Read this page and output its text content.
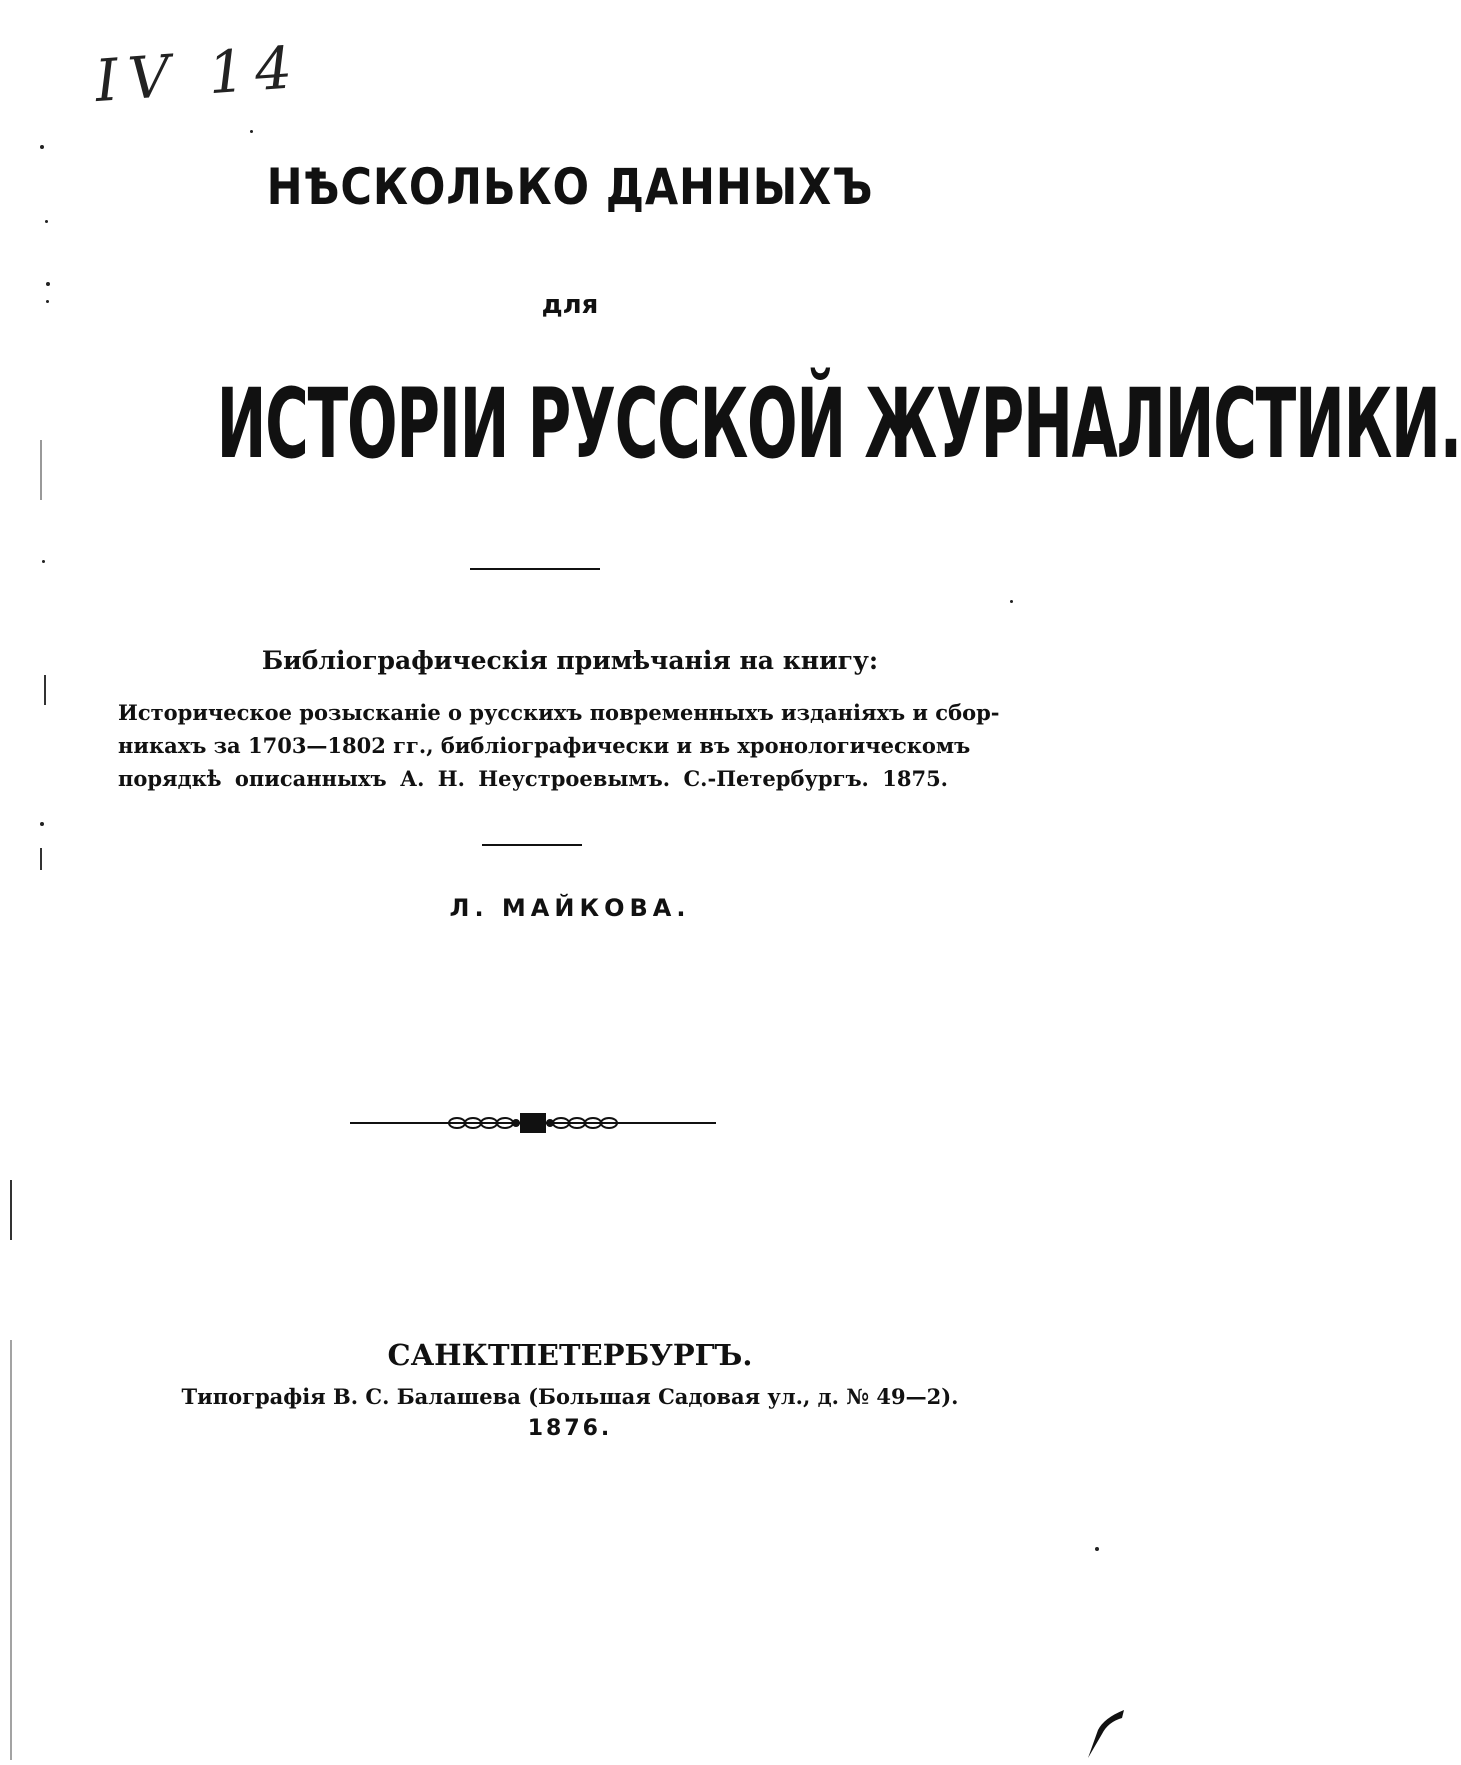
IV 14
НѢСКОЛЬКО ДАННЫХЪ
для
ИСТОРІИ РУССКОЙ ЖУРНАЛИСТИКИ.
Библіографическія примѣчанія на книгу:
Историческое розысканіе о русскихъ повременныхъ изданіяхъ и сбор-
никахъ за 1703—1802 гг., библіографически и въ хронологическомъ
порядкѣ описанныхъ А. Н. Неустроевымъ. С.-Петербургъ. 1875.
Л. МАЙКОВА.
САНКТПЕТЕРБУРГЪ.
Типографія В. С. Балашева (Большая Садовая ул., д. № 49—2).
1876.
